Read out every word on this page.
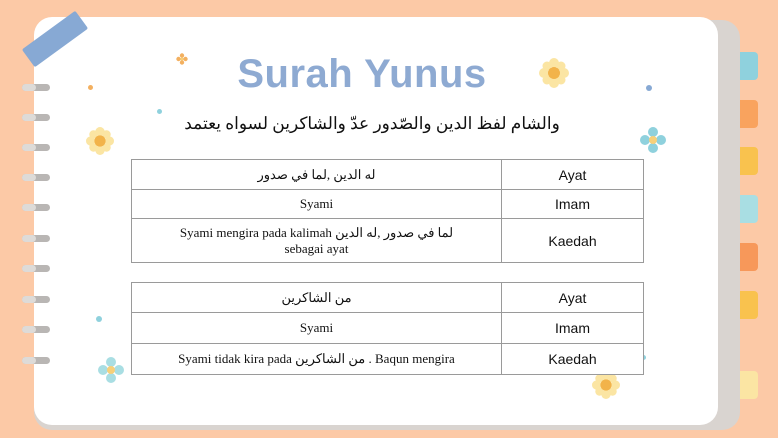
Surah Yunus
والشام لفظ الدين والصّدور عدّ والشاكرين لسواه يعتمد
له الدين ,لما في صدور	Ayat
Syami	Imam

Syami mengira pada kalimah لما في صدور ,له الدين
sebagai ayat	Kaedah
من الشاكرين	Ayat
Syami	Imam
Syami tidak kira pada من الشاكرين . Baqun mengira	Kaedah
